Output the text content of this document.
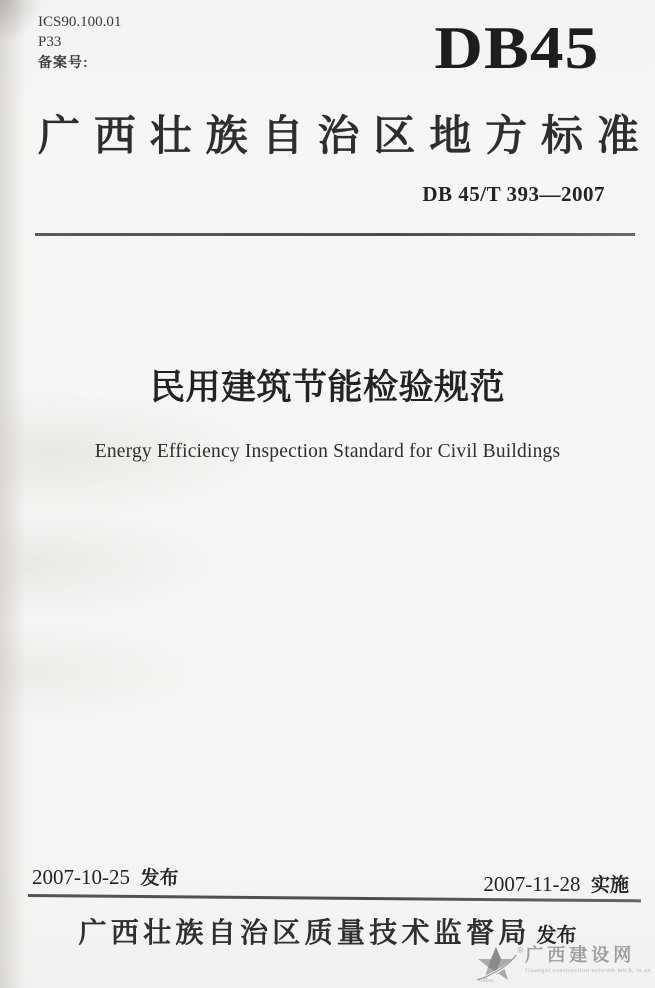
ICS90.100.01
P33
备案号:	DB45
广 西 壮 族 自 治 区 地 方 标 准
DB 45/T 393—2007
民用建筑节能检验规范
Energy Efficiency Inspection Standard for Civil Buildings
2007-10-25 发布	2007-11-28 实施
广 西 壮 族 自 治 区 质 量 技 术 监 督 局 发布
GXJSW
® 广西建设网
Guangxi construction network mich, lu an
